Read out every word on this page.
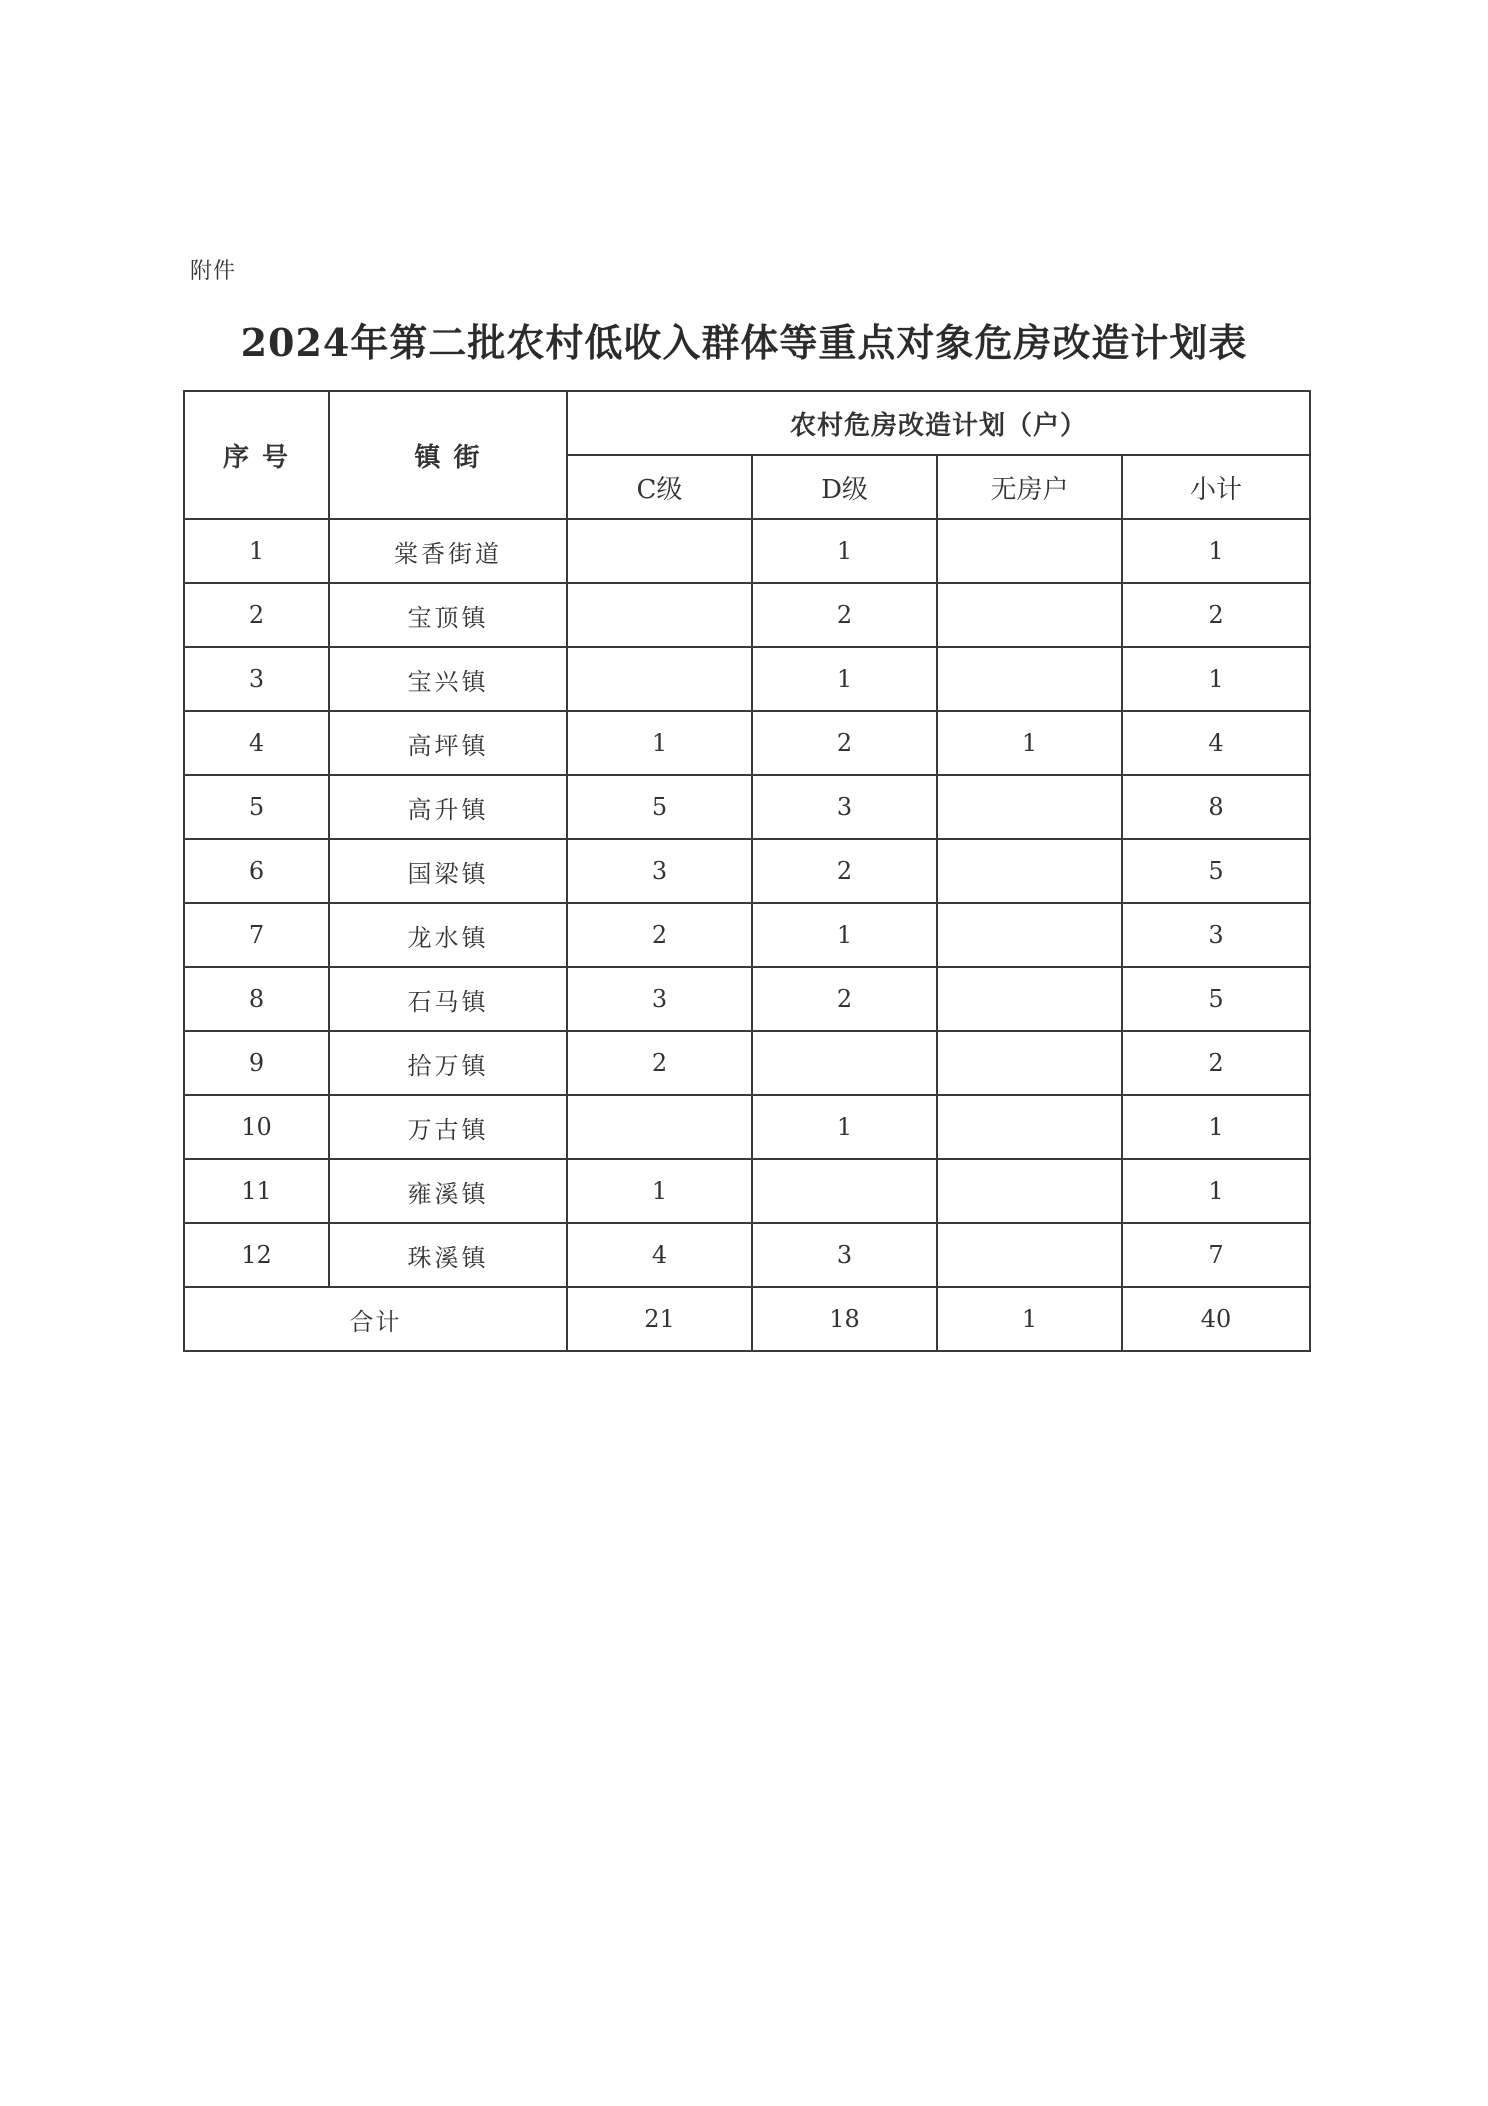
附件
2024年第二批农村低收入群体等重点对象危房改造计划表
序 号	镇 街	农村危房改造计划（户）			
		C级	D级	无房户	小计
1	棠香街道		1		1
2	宝顶镇		2		2
3	宝兴镇		1		1
4	高坪镇	1	2	1	4
5	高升镇	5	3		8
6	国梁镇	3	2		5
7	龙水镇	2	1		3
8	石马镇	3	2		5
9	拾万镇	2			2
10	万古镇		1		1
11	雍溪镇	1			1
12	珠溪镇	4	3		7
合计		21	18	1	40
